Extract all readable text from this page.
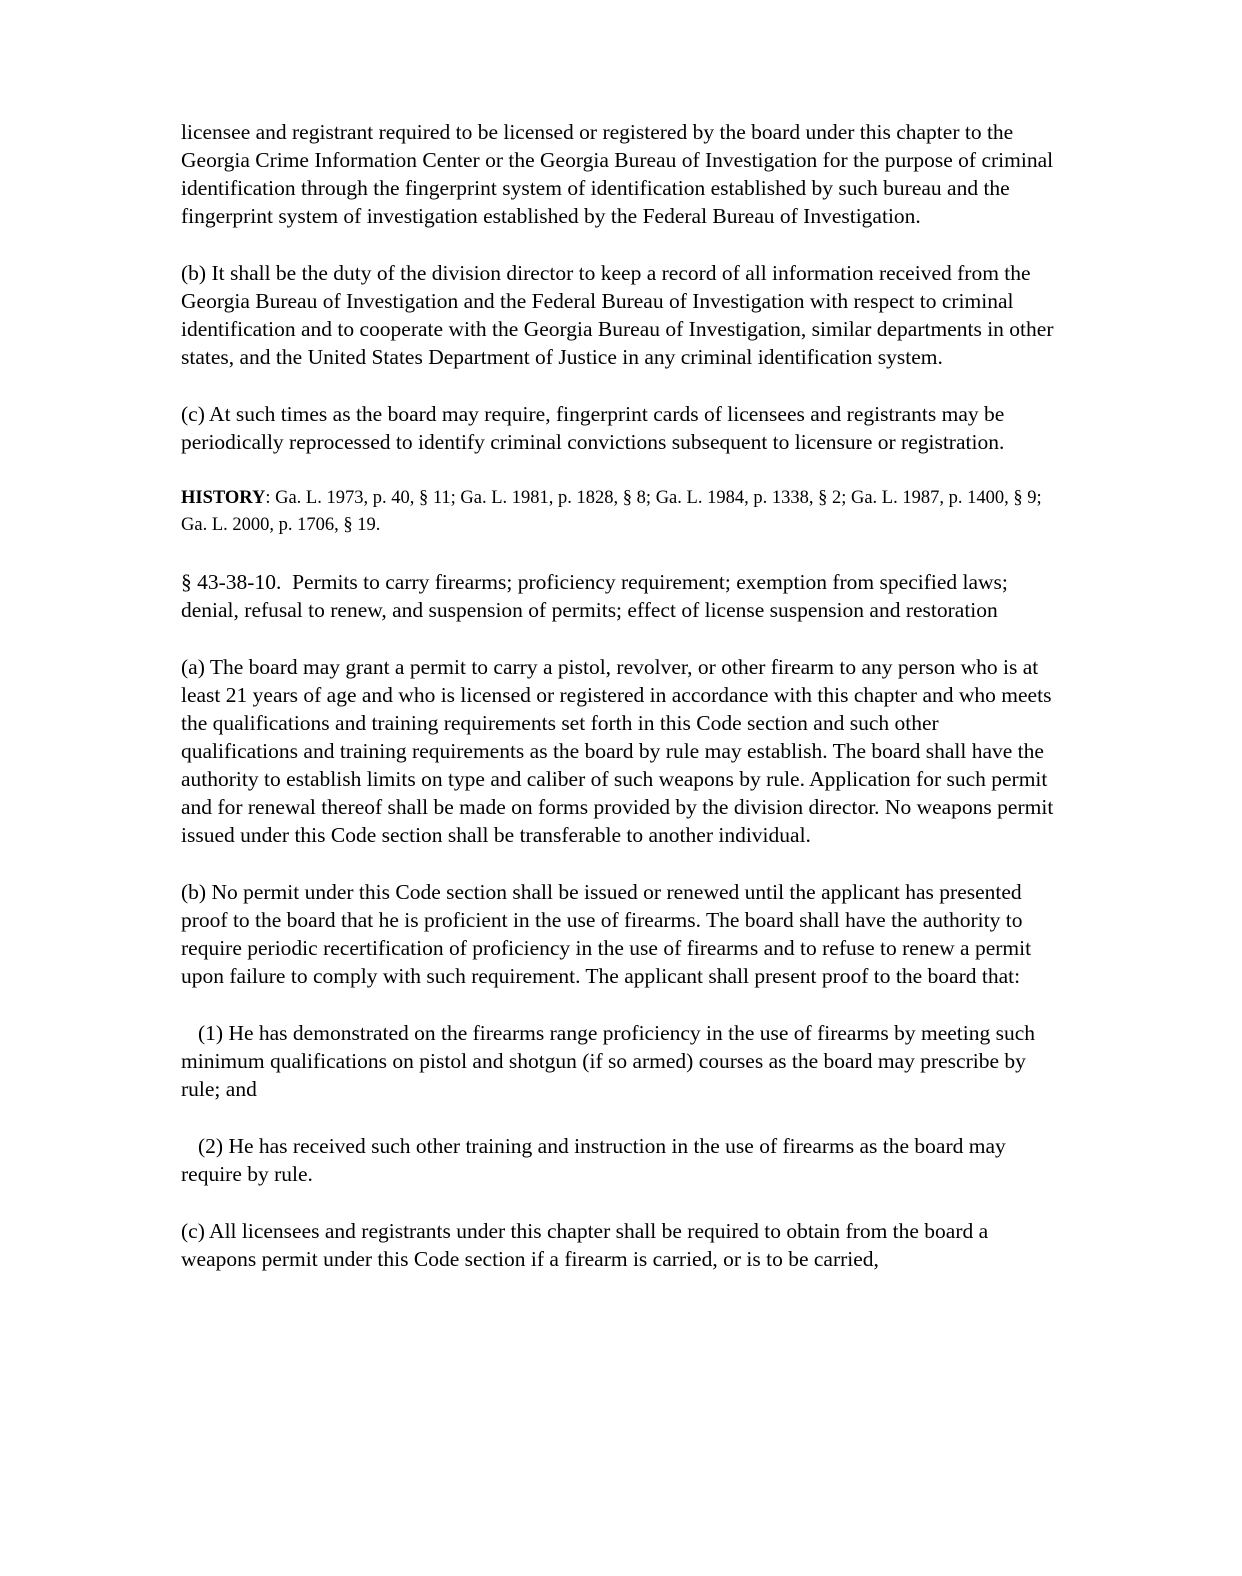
licensee and registrant required to be licensed or registered by the board under this chapter to the Georgia Crime Information Center or the Georgia Bureau of Investigation for the purpose of criminal identification through the fingerprint system of identification established by such bureau and the fingerprint system of investigation established by the Federal Bureau of Investigation.

(b) It shall be the duty of the division director to keep a record of all information received from the Georgia Bureau of Investigation and the Federal Bureau of Investigation with respect to criminal identification and to cooperate with the Georgia Bureau of Investigation, similar departments in other states, and the United States Department of Justice in any criminal identification system.

(c) At such times as the board may require, fingerprint cards of licensees and registrants may be periodically reprocessed to identify criminal convictions subsequent to licensure or registration.

HISTORY: Ga. L. 1973, p. 40, § 11; Ga. L. 1981, p. 1828, § 8; Ga. L. 1984, p. 1338, § 2; Ga. L. 1987, p. 1400, § 9; Ga. L. 2000, p. 1706, § 19.

§ 43-38-10.  Permits to carry firearms; proficiency requirement; exemption from specified laws; denial, refusal to renew, and suspension of permits; effect of license suspension and restoration

(a) The board may grant a permit to carry a pistol, revolver, or other firearm to any person who is at least 21 years of age and who is licensed or registered in accordance with this chapter and who meets the qualifications and training requirements set forth in this Code section and such other qualifications and training requirements as the board by rule may establish. The board shall have the authority to establish limits on type and caliber of such weapons by rule. Application for such permit and for renewal thereof shall be made on forms provided by the division director. No weapons permit issued under this Code section shall be transferable to another individual.

(b) No permit under this Code section shall be issued or renewed until the applicant has presented proof to the board that he is proficient in the use of firearms. The board shall have the authority to require periodic recertification of proficiency in the use of firearms and to refuse to renew a permit upon failure to comply with such requirement. The applicant shall present proof to the board that:

(1) He has demonstrated on the firearms range proficiency in the use of firearms by meeting such minimum qualifications on pistol and shotgun (if so armed) courses as the board may prescribe by rule; and

(2) He has received such other training and instruction in the use of firearms as the board may require by rule.

(c) All licensees and registrants under this chapter shall be required to obtain from the board a weapons permit under this Code section if a firearm is carried, or is to be carried,
